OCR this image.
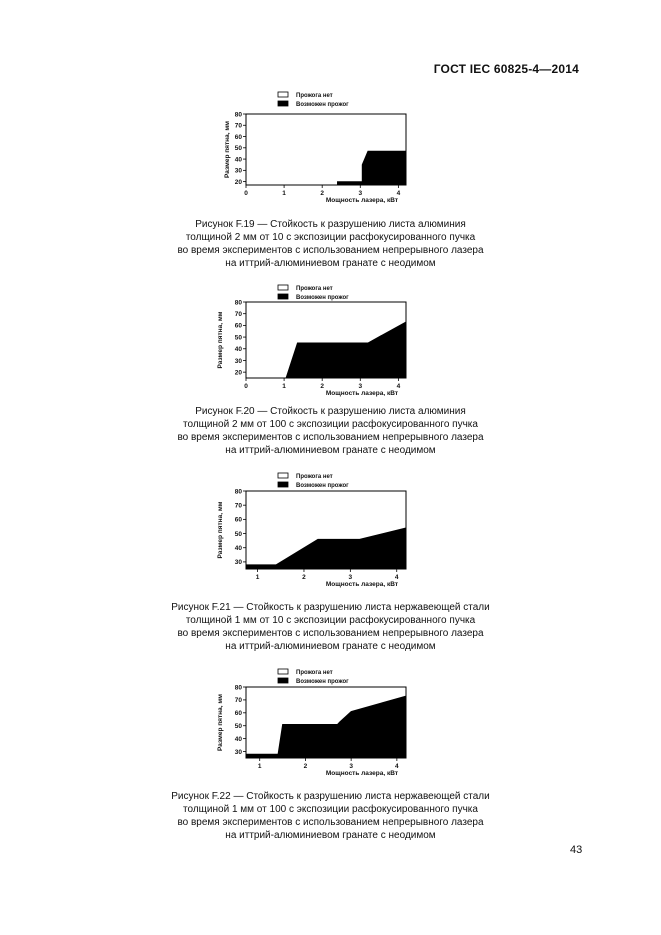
ГОСТ IEC 60825-4—2014
20
30
40
50
60
70
80
0	1	2	3	4
Мощность лазера, кВт
Размер пятна, мм
Прожога нет
Возможен прожог
Рисунок F.19 — Стойкость к разрушению листа алюминия
толщиной 2 мм от 10 с экспозиции расфокусированного пучка
во время экспериментов с использованием непрерывного лазера
на иттрий-алюминиевом гранате с неодимом
20
30
40
50
60
70
80
0	1	2	3	4
Мощность лазера, кВт
Размер пятна, мм
Прожога нет
Возможен прожог
Рисунок F.20 — Стойкость к разрушению листа алюминия
толщиной 2 мм от 100 с экспозиции расфокусированного пучка
во время экспериментов с использованием непрерывного лазера
на иттрий-алюминиевом гранате с неодимом
30
40
50
60
70
80
1	2	3	4
Мощность лазера, кВт
Размер пятна, мм
Прожога нет
Возможен прожог
Рисунок F.21 — Стойкость к разрушению листа нержавеющей стали
толщиной 1 мм от 10 с экспозиции расфокусированного пучка
во время экспериментов с использованием непрерывного лазера
на иттрий-алюминиевом гранате с неодимом
30
40
50
60
70
80
1	2	3	4
Мощность лазера, кВт
Размер пятна, мм
Прожога нет
Возможен прожог
Рисунок F.22 — Стойкость к разрушению листа нержавеющей стали
толщиной 1 мм от 100 с экспозиции расфокусированного пучка
во время экспериментов с использованием непрерывного лазера
на иттрий-алюминиевом гранате с неодимом
43
